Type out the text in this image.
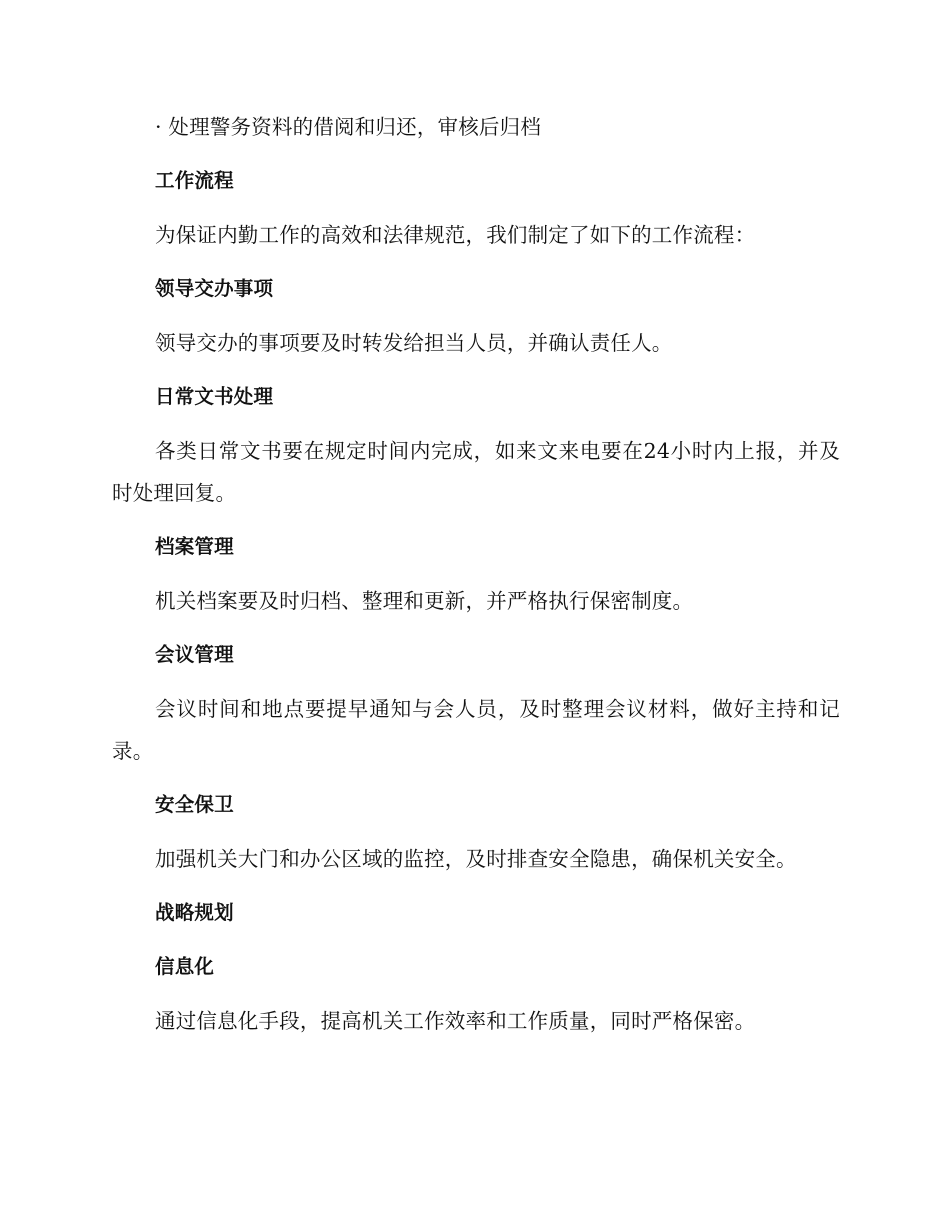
· 处理警务资料的借阅和归还，审核后归档

工作流程

为保证内勤工作的高效和法律规范，我们制定了如下的工作流程：

领导交办事项

领导交办的事项要及时转发给担当人员，并确认责任人。

日常文书处理

各类日常文书要在规定时间内完成，如来文来电要在24小时内上报，并及时处理回复。

档案管理

机关档案要及时归档、整理和更新，并严格执行保密制度。

会议管理

会议时间和地点要提早通知与会人员，及时整理会议材料，做好主持和记录。

安全保卫

加强机关大门和办公区域的监控，及时排查安全隐患，确保机关安全。

战略规划

信息化

通过信息化手段，提高机关工作效率和工作质量，同时严格保密。
